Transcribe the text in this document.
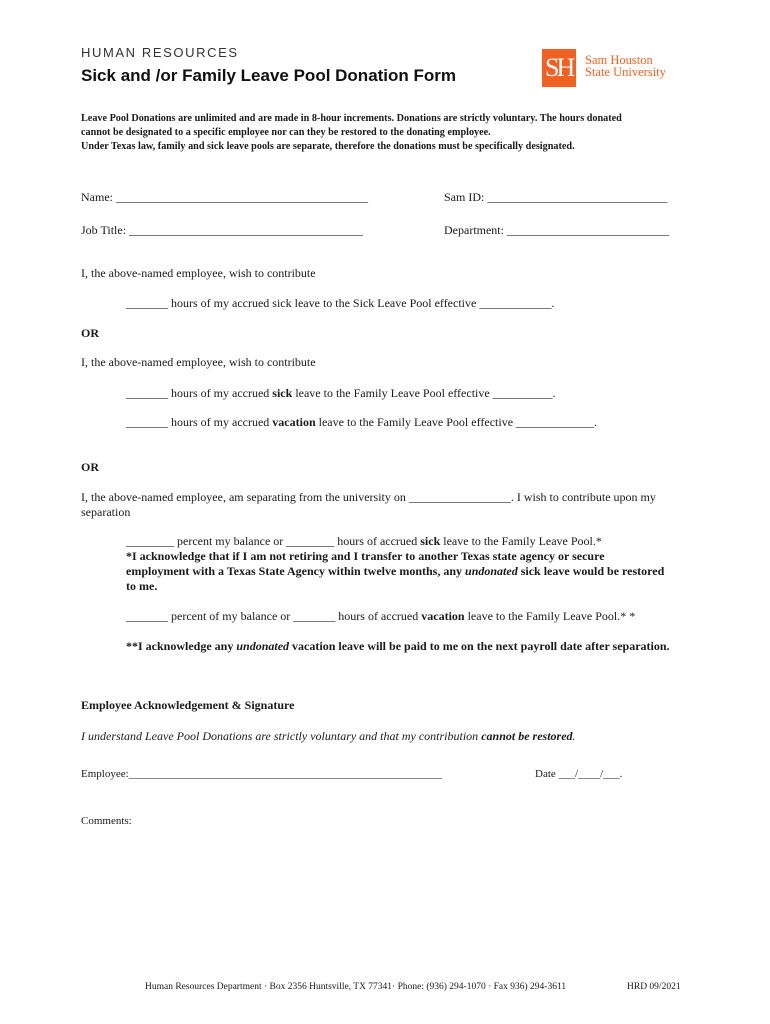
HUMAN RESOURCES
Sick and /or Family Leave Pool Donation Form	SH Sam Houston
State University
Leave Pool Donations are unlimited and are made in 8-hour increments. Donations are strictly voluntary. The hours donated
cannot be designated to a specific employee nor can they be restored to the donating employee.
Under Texas law, family and sick leave pools are separate, therefore the donations must be specifically designated.
Name: __________________________________________	Sam ID: ______________________________
Job Title: _______________________________________	Department: ___________________________
I, the above-named employee, wish to contribute
_______ hours of my accrued sick leave to the Sick Leave Pool effective ____________.
OR
I, the above-named employee, wish to contribute
_______ hours of my accrued sick leave to the Family Leave Pool effective __________.
_______ hours of my accrued vacation leave to the Family Leave Pool effective _____________.
OR
I, the above-named employee, am separating from the university on _________________. I wish to contribute upon my
separation
________ percent my balance or ________ hours of accrued sick leave to the Family Leave Pool.*
*I acknowledge that if I am not retiring and I transfer to another Texas state agency or secure
employment with a Texas State Agency within twelve months, any undonated sick leave would be restored
to me.
_______ percent of my balance or _______ hours of accrued vacation leave to the Family Leave Pool.* *
**I acknowledge any undonated vacation leave will be paid to me on the next payroll date after separation.
Employee Acknowledgement & Signature
I understand Leave Pool Donations are strictly voluntary and that my contribution cannot be restored.
Employee:_________________________________________________________	Date ___/____/___.
Comments:
Human Resources Department · Box 2356 Huntsville, TX 77341· Phone: (936) 294-1070 · Fax 936) 294-3611	HRD 09/2021
